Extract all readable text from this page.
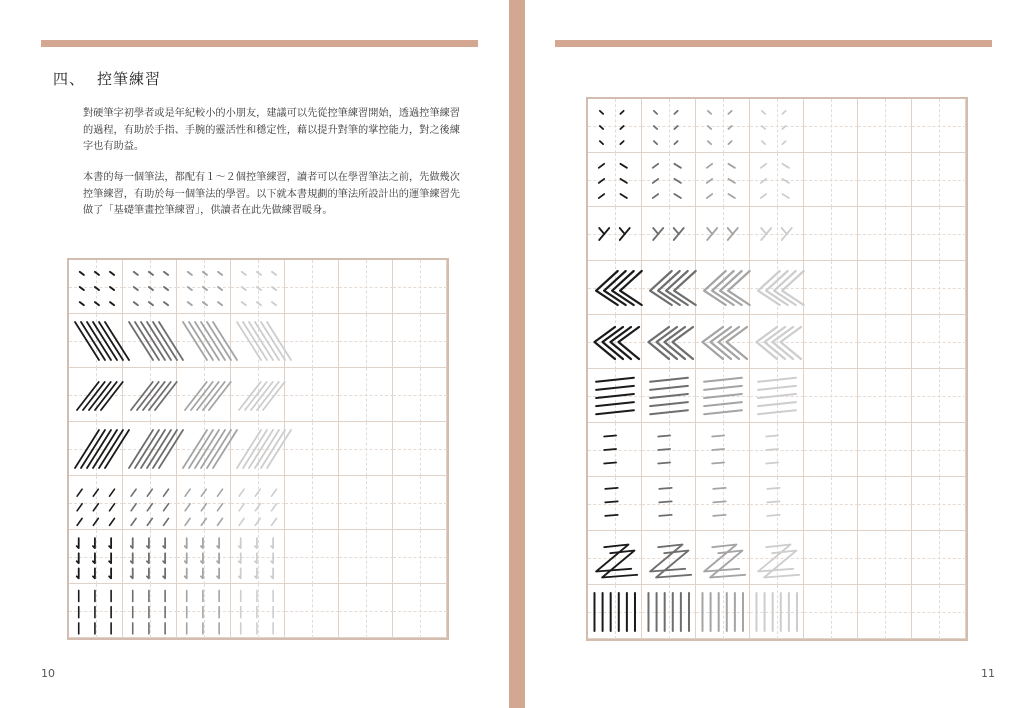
四、 控筆練習

對硬筆字初學者或是年紀較小的小朋友，建議可以先從控筆練習開始，透過控筆練習的過程，有助於手指、手腕的靈活性和穩定性，藉以提升對筆的掌控能力，對之後練字也有助益。

本書的每一個筆法，都配有１～２個控筆練習，讀者可以在學習筆法之前，先做幾次控筆練習，有助於每一個筆法的學習。以下就本書規劃的筆法所設計出的運筆練習先做了「基礎筆畫控筆練習」，供讀者在此先做練習暖身。

10	11
